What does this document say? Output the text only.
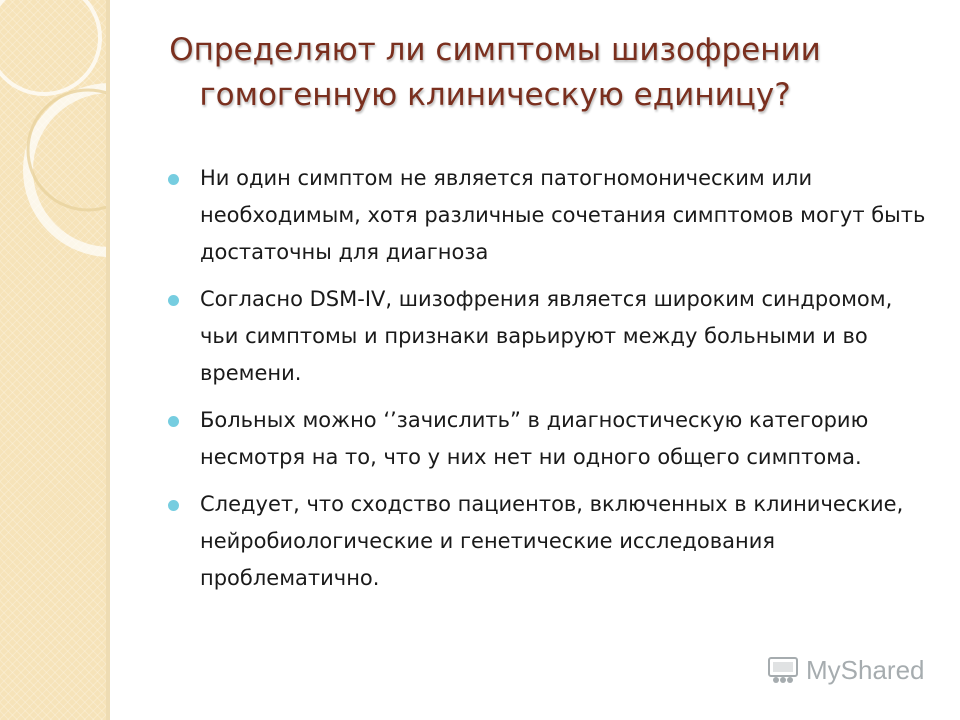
Определяют ли симптомы шизофрении гомогенную клиническую единицу?
Ни один симптом не является патогномоническим или необходимым, хотя различные сочетания симптомов могут быть достаточны для диагноза
Согласно DSM-IV, шизофрения является широким синдромом, чьи симптомы и признаки варьируют между больными и во времени.
Больных можно ‘’зачислить” в диагностическую категорию несмотря на то, что у них нет ни одного общего симптома.
Следует, что сходство пациентов, включенных в клинические, нейробиологические и генетические исследования проблематично.
MyShared
